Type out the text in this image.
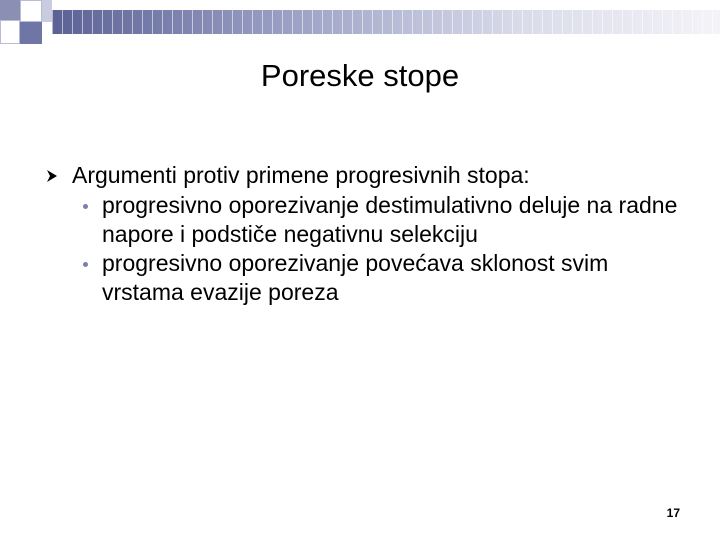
Poreske stope
Argumenti protiv primene progresivnih stopa:
progresivno oporezivanje destimulativno deluje na radne napore i podstiče negativnu selekciju
progresivno oporezivanje povećava sklonost svim vrstama evazije poreza
17
